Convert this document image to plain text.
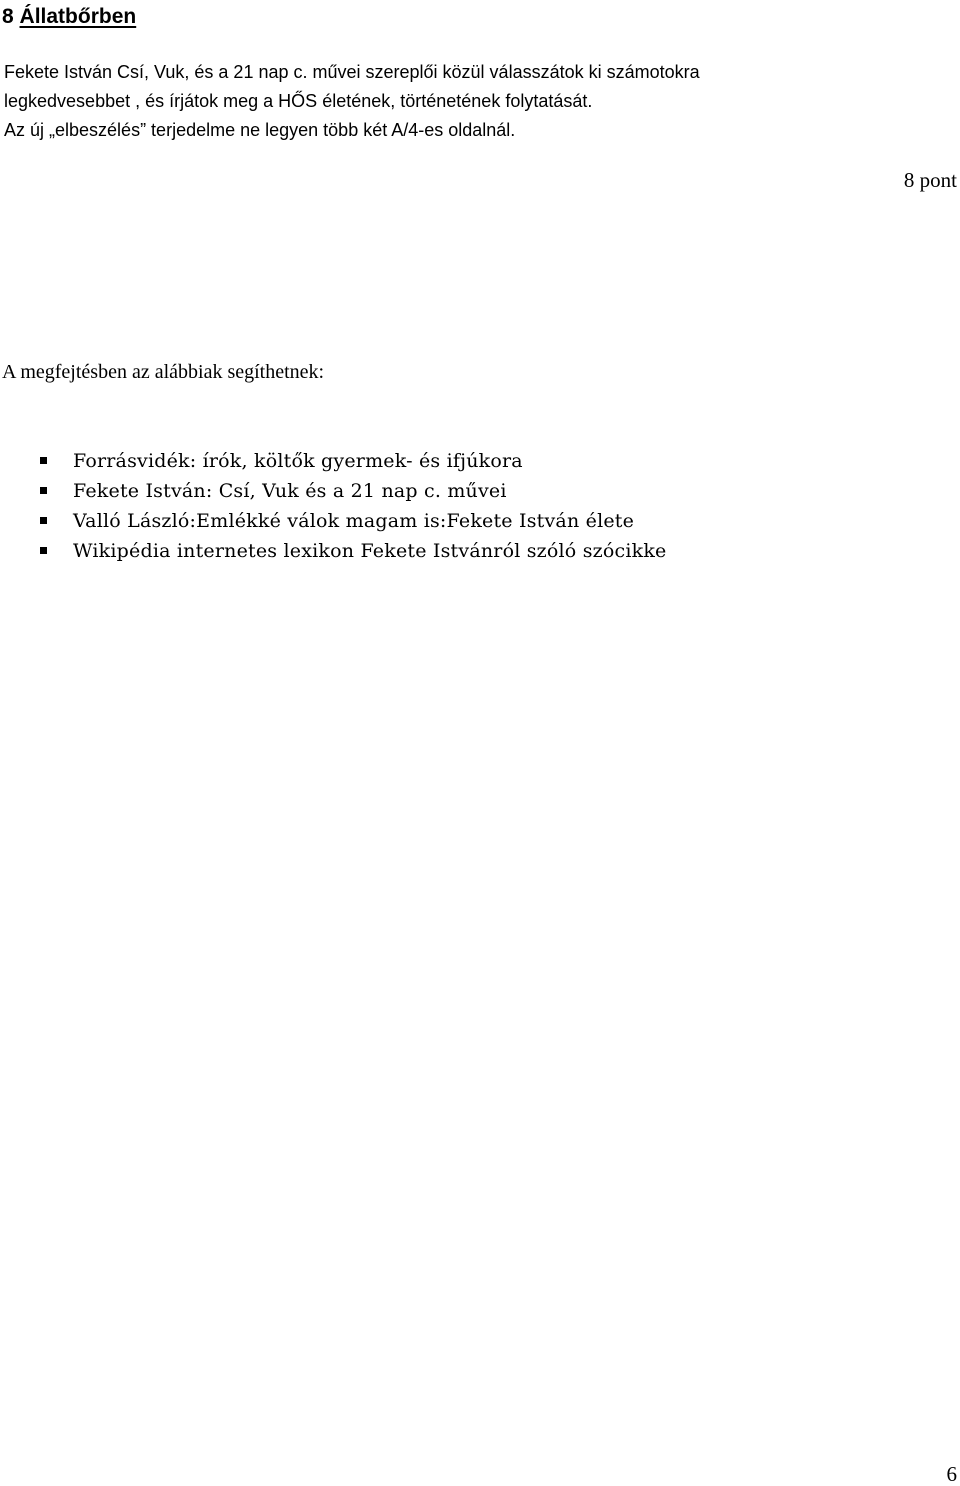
8 Állatbőrben
Fekete István Csí, Vuk, és a 21 nap c. művei szereplői közül válasszátok ki számotokra
legkedvesebbet , és írjátok meg a HŐS életének, történetének folytatását.
Az új „elbeszélés” terjedelme ne legyen több két A/4-es oldalnál.
8 pont
A megfejtésben az alábbiak segíthetnek:
Forrásvidék: írók, költők gyermek- és ifjúkora
Fekete István: Csí, Vuk és a 21 nap c. művei
Valló László:Emlékké válok magam is:Fekete István élete
Wikipédia internetes lexikon Fekete Istvánról szóló szócikke
6
